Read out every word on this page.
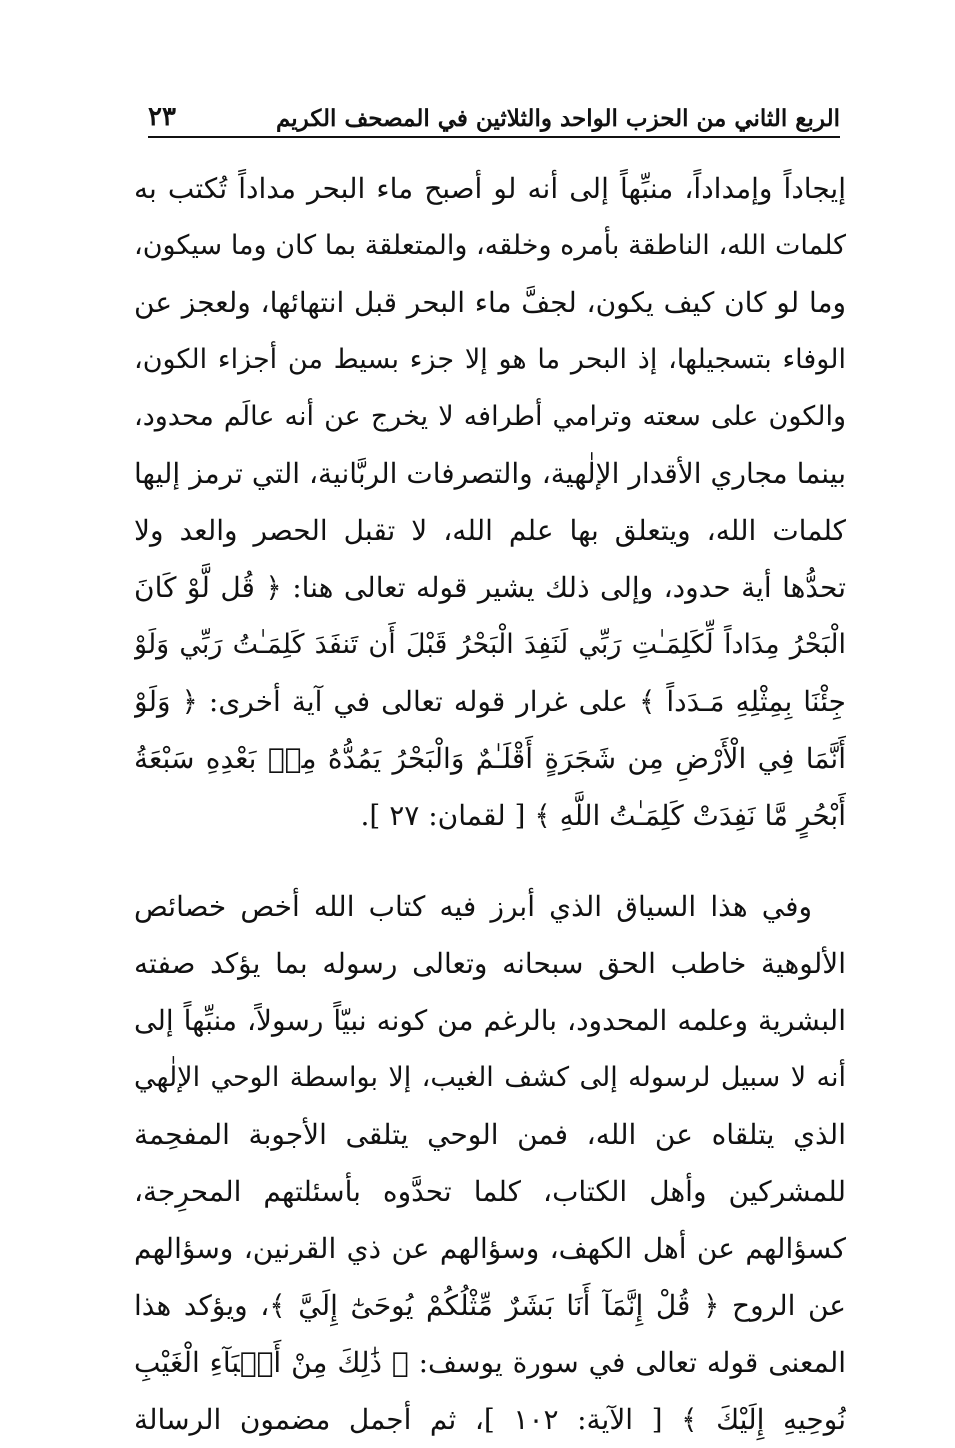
الربع الثاني من الحزب الواحد والثلاثين في المصحف الكريم
٢٣
إيجاداً وإمداداً، منبِّهاً إلى أنه لو أصبح ماء البحر مداداً تُكتب به
كلمات الله، الناطقة بأمره وخلقه، والمتعلقة بما كان وما سيكون،
وما لو كان كيف يكون، لجفَّ ماء البحر قبل انتهائها، ولعجز عن
الوفاء بتسجيلها، إذ البحر ما هو إلا جزء بسيط من أجزاء الكون،
والكون على سعته وترامي أطرافه لا يخرج عن أنه عالَم محدود،
بينما مجاري الأقدار الإلٰهية، والتصرفات الربَّانية، التي ترمز إليها
كلمات الله، ويتعلق بها علم الله، لا تقبل الحصر والعد ولا
تحدُّها أية حدود، وإلى ذلك يشير قوله تعالى هنا: ﴿ قُل لَّوْ كَانَ
الْبَحْرُ مِدَاداً لِّكَلِمَـٰتِ رَبِّي لَنَفِدَ الْبَحْرُ قَبْلَ أَن تَنفَدَ كَلِمَـٰتُ رَبِّي وَلَوْ
جِئْنَا بِمِثْلِهِ مَـدَداً ﴾ على غرار قوله تعالى في آية أخرى: ﴿ وَلَوْ
أَنَّمَا فِي الْأَرْضِ مِن شَجَرَةٍ أَقْلَـٰمٌ وَالْبَحْرُ يَمُدُّهُ مِنۢ بَعْدِهِ سَبْعَةُ
أَبْحُرٍ مَّا نَفِدَتْ كَلِمَـٰتُ اللَّهِ ﴾ [ لقمان: ٢٧ ].
وفي هذا السياق الذي أبرز فيه كتاب الله أخص خصائص
الألوهية خاطب الحق سبحانه وتعالى رسوله بما يؤكد صفته
البشرية وعلمه المحدود، بالرغم من كونه نبيّاً رسولاً، منبِّهاً إلى
أنه لا سبيل لرسوله إلى كشف الغيب، إلا بواسطة الوحي الإلٰهي
الذي يتلقاه عن الله، فمن الوحي يتلقى الأجوبة المفحِمة
للمشركين وأهل الكتاب، كلما تحدَّوه بأسئلتهم المحرِجة،
كسؤالهم عن أهل الكهف، وسؤالهم عن ذي القرنين، وسؤالهم
عن الروح ﴿ قُلْ إِنَّمَآ أَنَا بَشَرٌ مِّثْلُكُمْ يُوحَىٰٓ إِلَيَّ ﴾، ويؤكد هذا
المعنى قوله تعالى في سورة يوسف: ﴿ ذَٰلِكَ مِنْ أَنۢبَآءِ الْغَيْبِ
نُوحِيهِ إِلَيْكَ ﴾ [ الآية: ١٠٢ ]، ثم أجمل مضمون الرسالة
